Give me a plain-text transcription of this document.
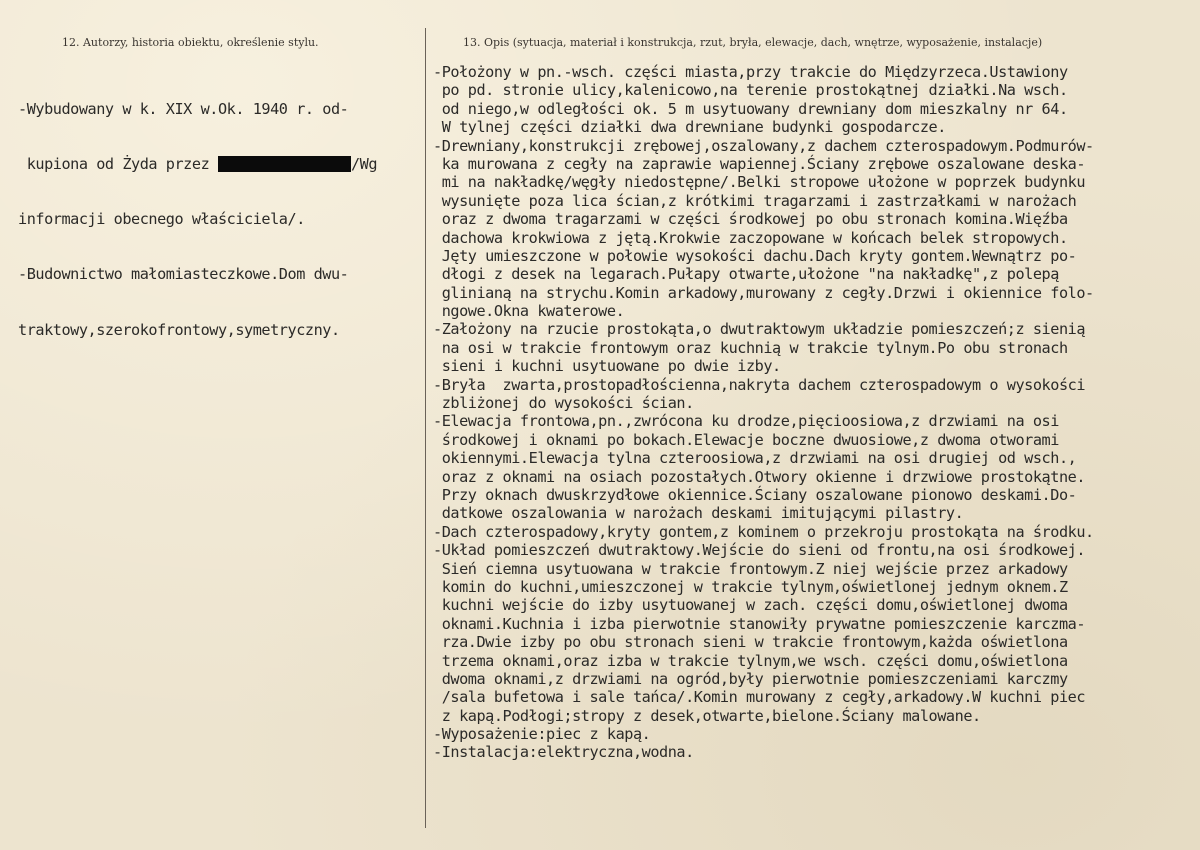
12. Autorzy, historia obiektu, określenie stylu.	13. Opis (sytuacja, materiał i konstrukcja, rzut, bryła, elewacje, dach, wnętrze, wyposażenie, instalacje)

-Wybudowany w k. XIX w.Ok. 1940 r. od-

kupiona od Żyda przez	/Wg

informacji obecnego właściciela/.

-Budownictwo małomiasteczkowe.Dom dwu-

traktowy,szerokofrontowy,symetryczny.

-Położony w pn.-wsch. części miasta,przy trakcie do Międzyrzeca.Ustawiony
po pd. stronie ulicy,kalenicowo,na terenie prostokątnej działki.Na wsch.
od niego,w odległości ok. 5 m usytuowany drewniany dom mieszkalny nr 64.
W tylnej części działki dwa drewniane budynki gospodarcze.
-Drewniany,konstrukcji zrębowej,oszalowany,z dachem czterospadowym.Podmurów-
ka murowana z cegły na zaprawie wapiennej.Ściany zrębowe oszalowane deska-
mi na nakładkę/węgły niedostępne/.Belki stropowe ułożone w poprzek budynku
wysunięte poza lica ścian,z krótkimi tragarzami i zastrzałkami w narożach
oraz z dwoma tragarzami w części środkowej po obu stronach komina.Więźba
dachowa krokwiowa z jętą.Krokwie zaczopowane w końcach belek stropowych.
Jęty umieszczone w połowie wysokości dachu.Dach kryty gontem.Wewnątrz po-
dłogi z desek na legarach.Pułapy otwarte,ułożone "na nakładkę",z polepą
glinianą na strychu.Komin arkadowy,murowany z cegły.Drzwi i okiennice folo-
ngowe.Okna kwaterowe.
-Założony na rzucie prostokąta,o dwutraktowym układzie pomieszczeń;z sienią
na osi w trakcie frontowym oraz kuchnią w trakcie tylnym.Po obu stronach
sieni i kuchni usytuowane po dwie izby.
-Bryła  zwarta,prostopadłościenna,nakryta dachem czterospadowym o wysokości
zbliżonej do wysokości ścian.
-Elewacja frontowa,pn.,zwrócona ku drodze,pięcioosiowa,z drzwiami na osi
środkowej i oknami po bokach.Elewacje boczne dwuosiowe,z dwoma otworami
okiennymi.Elewacja tylna czteroosiowa,z drzwiami na osi drugiej od wsch.,
oraz z oknami na osiach pozostałych.Otwory okienne i drzwiowe prostokątne.
Przy oknach dwuskrzydłowe okiennice.Ściany oszalowane pionowo deskami.Do-
datkowe oszalowania w narożach deskami imitującymi pilastry.
-Dach czterospadowy,kryty gontem,z kominem o przekroju prostokąta na środku.
-Układ pomieszczeń dwutraktowy.Wejście do sieni od frontu,na osi środkowej.
Sień ciemna usytuowana w trakcie frontowym.Z niej wejście przez arkadowy
komin do kuchni,umieszczonej w trakcie tylnym,oświetlonej jednym oknem.Z
kuchni wejście do izby usytuowanej w zach. części domu,oświetlonej dwoma
oknami.Kuchnia i izba pierwotnie stanowiły prywatne pomieszczenie karczma-
rza.Dwie izby po obu stronach sieni w trakcie frontowym,każda oświetlona
trzema oknami,oraz izba w trakcie tylnym,we wsch. części domu,oświetlona
dwoma oknami,z drzwiami na ogród,były pierwotnie pomieszczeniami karczmy
/sala bufetowa i sale tańca/.Komin murowany z cegły,arkadowy.W kuchni piec
z kapą.Podłogi;stropy z desek,otwarte,bielone.Ściany malowane.
-Wyposażenie:piec z kapą.
-Instalacja:elektryczna,wodna.
